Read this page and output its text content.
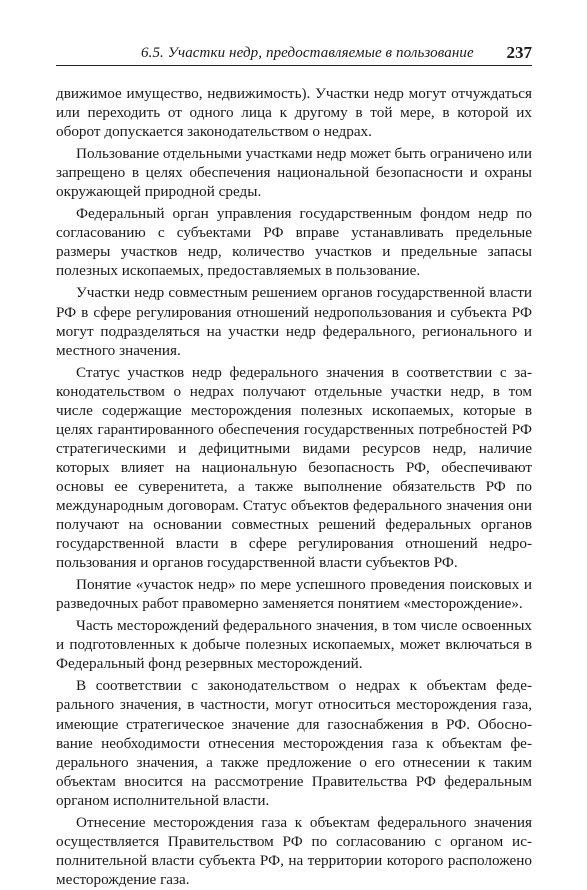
6.5. Участки недр, предоставляемые в пользование 237

движимое имущество, недвижимость). Участки недр могут отчуждаться или переходить от одного лица к другому в той мере, в которой их оборот допускается законодательством о недрах.

Пользование отдельными участками недр может быть ограничено или запрещено в целях обеспечения национальной безопасности и охраны окружающей природной среды.

Федеральный орган управления государственным фондом недр по согласованию с субъектами РФ вправе устанавливать предельные размеры участков недр, количество участков и предельные запасы полезных ископаемых, предоставляемых в пользование.

Участки недр совместным решением органов государственной власти РФ в сфере регулирования отношений недропользования и субъекта РФ могут подразделяться на участки недр федерального, регионального и местного значения.

Статус участков недр федерального значения в соответствии с законодательством о недрах получают отдельные участки недр, в том числе содержащие месторождения полезных ископаемых, которые в целях гарантированного обеспечения государственных потребностей РФ стратегическими и дефицитными видами ресурсов недр, наличие которых влияет на национальную безопасность РФ, обеспечивают основы ее суверенитета, а также выполнение обязательств РФ по международным договорам. Статус объектов федерального значения они получают на основании совместных решений федеральных органов государственной власти в сфере регулирования отношений недропользования и органов государственной власти субъектов РФ.

Понятие «участок недр» по мере успешного проведения поисковых и разведочных работ правомерно заменяется понятием «месторождение».

Часть месторождений федерального значения, в том числе освоенных и подготовленных к добыче полезных ископаемых, может включаться в Федеральный фонд резервных месторождений.

В соответствии с законодательством о недрах к объектам федерального значения, в частности, могут относиться месторождения газа, имеющие стратегическое значение для газоснабжения в РФ. Обоснование необходимости отнесения месторождения газа к объектам федерального значения, а также предложение о его отнесении к таким объектам вносится на рассмотрение Правительства РФ федеральным органом исполнительной власти.

Отнесение месторождения газа к объектам федерального значения осуществляется Правительством РФ по согласованию с органом исполнительной власти субъекта РФ, на территории которого расположено месторождение газа.
